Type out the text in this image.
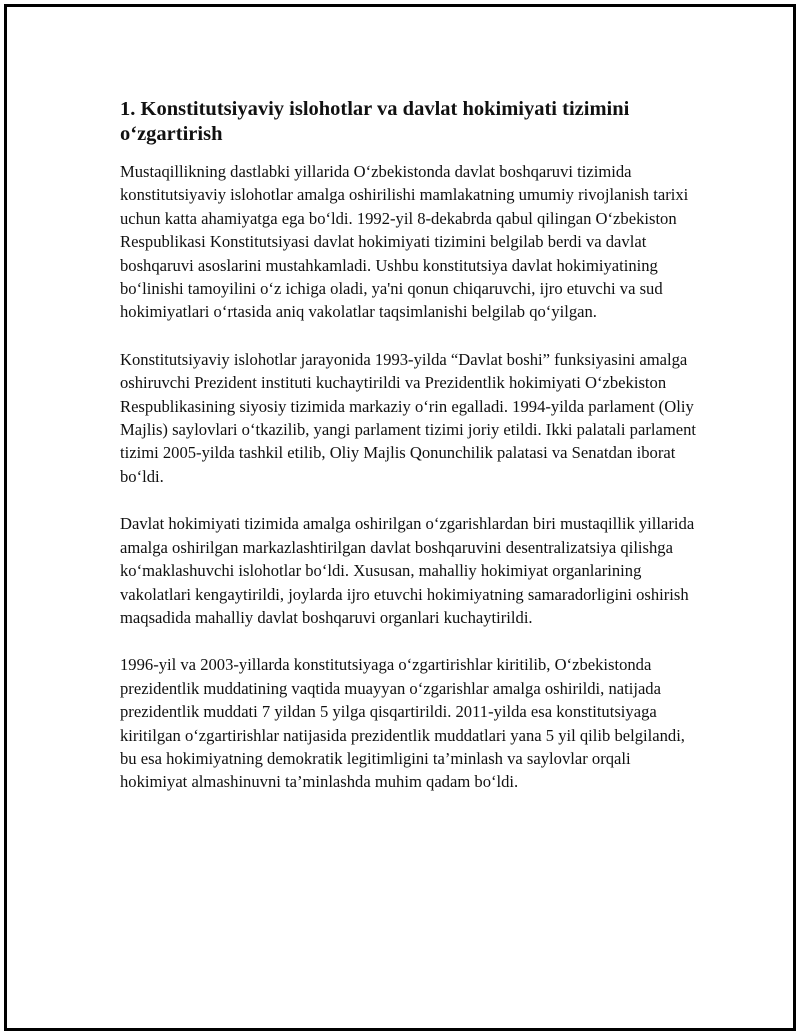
1. Konstitutsiyaviy islohotlar va davlat hokimiyati tizimini o‘zgartirish

Mustaqillikning dastlabki yillarida O‘zbekistonda davlat boshqaruvi tizimida konstitutsiyaviy islohotlar amalga oshirilishi mamlakatning umumiy rivojlanish tarixi uchun katta ahamiyatga ega bo‘ldi. 1992-yil 8-dekabrda qabul qilingan O‘zbekiston Respublikasi Konstitutsiyasi davlat hokimiyati tizimini belgilab berdi va davlat boshqaruvi asoslarini mustahkamladi. Ushbu konstitutsiya davlat hokimiyatining bo‘linishi tamoyilini o‘z ichiga oladi, ya'ni qonun chiqaruvchi, ijro etuvchi va sud hokimiyatlari o‘rtasida aniq vakolatlar taqsimlanishi belgilab qo‘yilgan.

Konstitutsiyaviy islohotlar jarayonida 1993-yilda “Davlat boshi” funksiyasini amalga oshiruvchi Prezident instituti kuchaytirildi va Prezidentlik hokimiyati O‘zbekiston Respublikasining siyosiy tizimida markaziy o‘rin egalladi. 1994-yilda parlament (Oliy Majlis) saylovlari o‘tkazilib, yangi parlament tizimi joriy etildi. Ikki palatali parlament tizimi 2005-yilda tashkil etilib, Oliy Majlis Qonunchilik palatasi va Senatdan iborat bo‘ldi.

Davlat hokimiyati tizimida amalga oshirilgan o‘zgarishlardan biri mustaqillik yillarida amalga oshirilgan markazlashtirilgan davlat boshqaruvini desentralizatsiya qilishga ko‘maklashuvchi islohotlar bo‘ldi. Xususan, mahalliy hokimiyat organlarining vakolatlari kengaytirildi, joylarda ijro etuvchi hokimiyatning samaradorligini oshirish maqsadida mahalliy davlat boshqaruvi organlari kuchaytirildi.

1996-yil va 2003-yillarda konstitutsiyaga o‘zgartirishlar kiritilib, O‘zbekistonda prezidentlik muddatining vaqtida muayyan o‘zgarishlar amalga oshirildi, natijada prezidentlik muddati 7 yildan 5 yilga qisqartirildi. 2011-yilda esa konstitutsiyaga kiritilgan o‘zgartirishlar natijasida prezidentlik muddatlari yana 5 yil qilib belgilandi, bu esa hokimiyatning demokratik legitimligini ta’minlash va saylovlar orqali hokimiyat almashinuvni ta’minlashda muhim qadam bo‘ldi.
